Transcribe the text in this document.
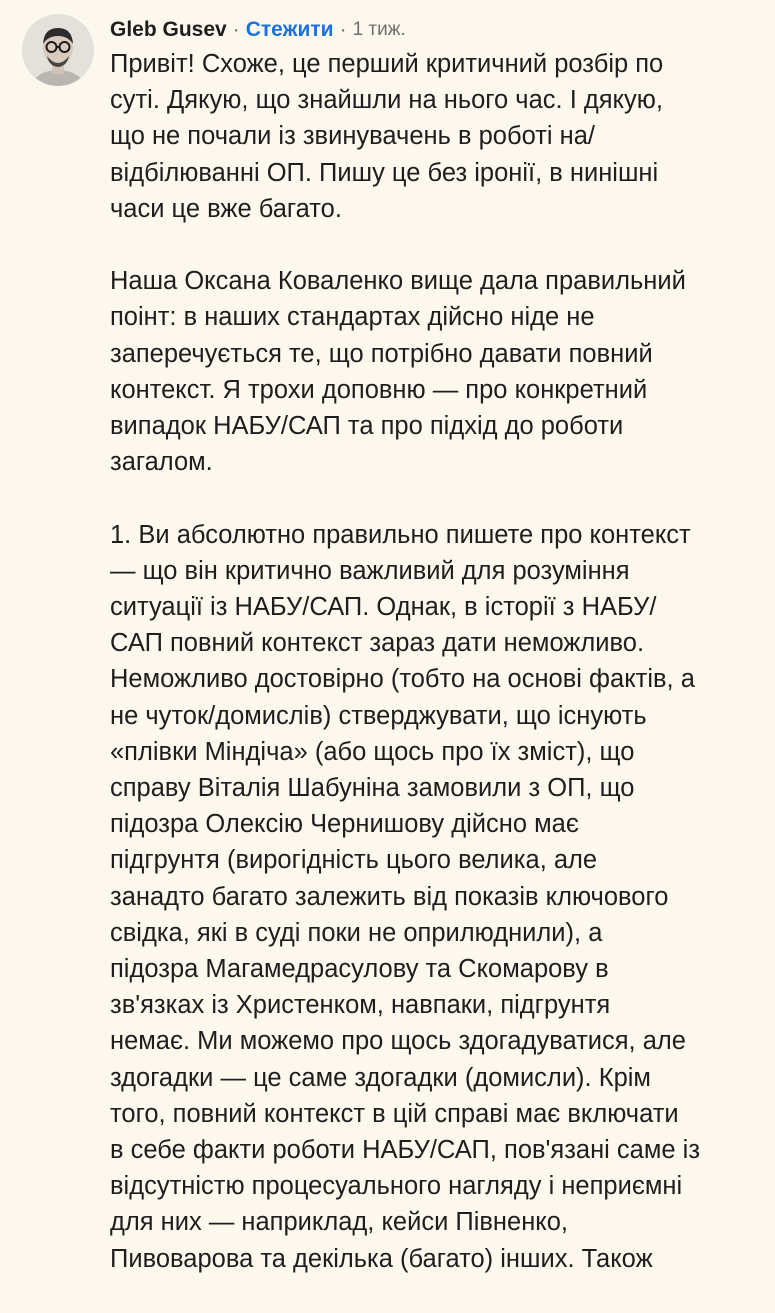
Gleb Gusev · Стежити · 1 тиж.

Привіт! Схоже, це перший критичний розбір по
суті. Дякую, що знайшли на нього час. І дякую,
що не почали із звинувачень в роботі на/
відбілюванні ОП. Пишу це без іронії, в нинішні
часи це вже багато.

Наша Оксана Коваленко вище дала правильний
поінт: в наших стандартах дійсно ніде не
заперечується те, що потрібно давати повний
контекст. Я трохи доповню — про конкретний
випадок НАБУ/САП та про підхід до роботи
загалом.

1. Ви абсолютно правильно пишете про контекст
— що він критично важливий для розуміння
ситуації із НАБУ/САП. Однак, в історії з НАБУ/
САП повний контекст зараз дати неможливо.
Неможливо достовірно (тобто на основі фактів, а
не чуток/домислів) стверджувати, що існують
«плівки Міндіча» (або щось про їх зміст), що
справу Віталія Шабуніна замовили з ОП, що
підозра Олексію Чернишову дійсно має
підгрунтя (вирогідність цього велика, але
занадто багато залежить від показів ключового
свідка, які в суді поки не оприлюднили), а
підозра Магамедрасулову та Скомарову в
зв'язках із Христенком, навпаки, підгрунтя
немає. Ми можемо про щось здогадуватися, але
здогадки — це саме здогадки (домисли). Крім
того, повний контекст в цій справі має включати
в себе факти роботи НАБУ/САП, пов'язані саме із
відсутністю процесуального нагляду і неприємні
для них — наприклад, кейси Півненко,
Пивоварова та декілька (багато) інших. Також
